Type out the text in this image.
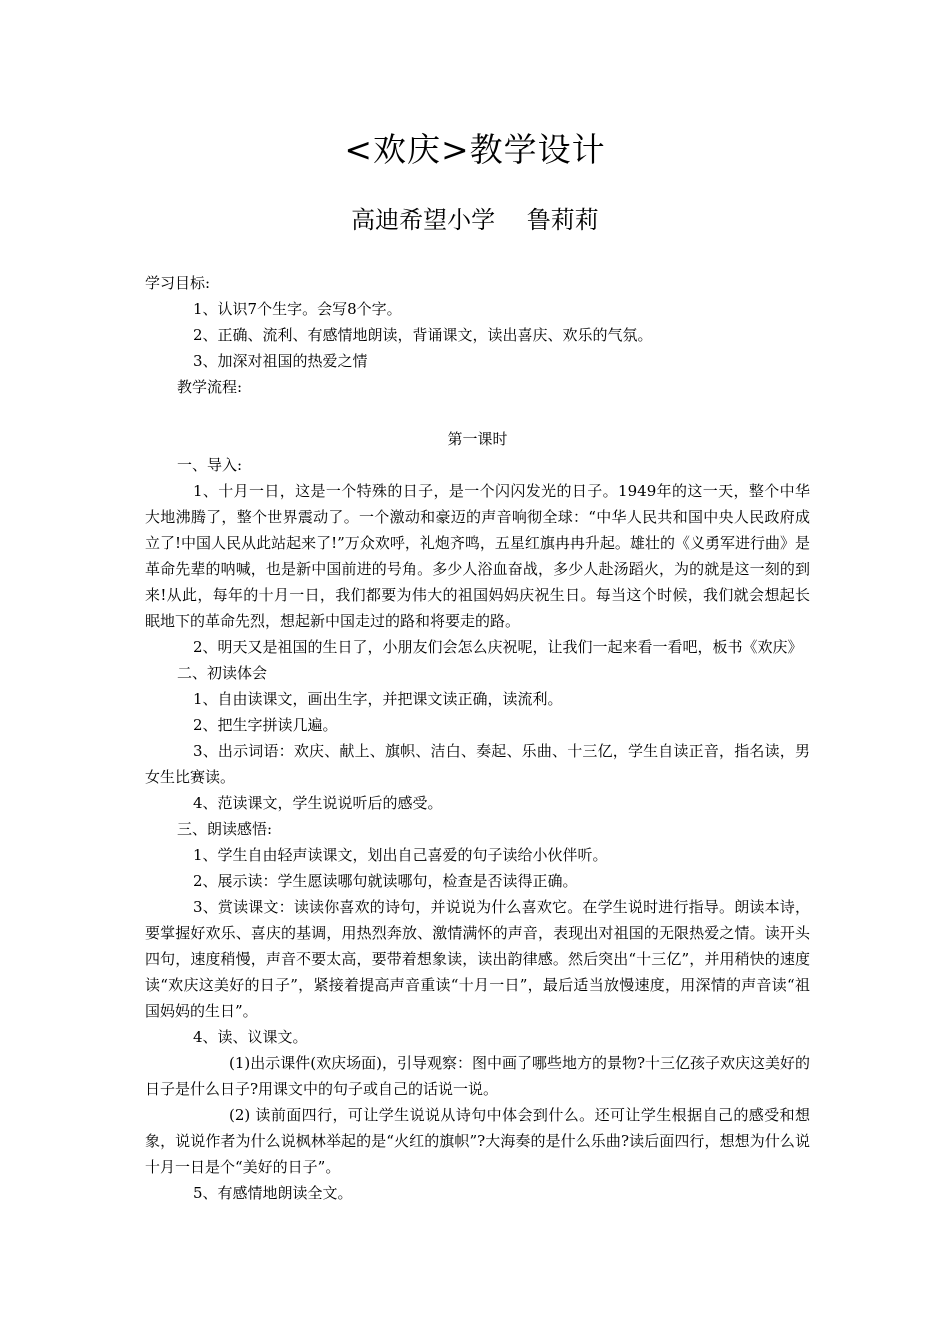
<欢庆>教学设计
高迪希望小学　 鲁莉莉

学习目标:

1、认识7个生字。会写8个字。

2、正确、流利、有感情地朗读，背诵课文，读出喜庆、欢乐的气氛。

3、加深对祖国的热爱之情

教学流程:

第一课时

一、导入:

1、十月一日，这是一个特殊的日子，是一个闪闪发光的日子。1949年的这一天，整个中华大地沸腾了，整个世界震动了。一个激动和豪迈的声音响彻全球：“中华人民共和国中央人民政府成立了!中国人民从此站起来了!”万众欢呼，礼炮齐鸣，五星红旗冉冉升起。雄壮的《义勇军进行曲》是革命先辈的呐喊，也是新中国前进的号角。多少人浴血奋战，多少人赴汤蹈火，为的就是这一刻的到来!从此，每年的十月一日，我们都要为伟大的祖国妈妈庆祝生日。每当这个时候，我们就会想起长眠地下的革命先烈，想起新中国走过的路和将要走的路。

2、明天又是祖国的生日了，小朋友们会怎么庆祝呢，让我们一起来看一看吧，板书《欢庆》

二、初读体会

1、自由读课文，画出生字，并把课文读正确，读流利。

2、把生字拼读几遍。

3、出示词语：欢庆、献上、旗帜、洁白、奏起、乐曲、十三亿，学生自读正音，指名读，男女生比赛读。

4、范读课文，学生说说听后的感受。

三、朗读感悟:

1、学生自由轻声读课文，划出自己喜爱的句子读给小伙伴听。

2、展示读：学生愿读哪句就读哪句，检查是否读得正确。

3、赏读课文：读读你喜欢的诗句，并说说为什么喜欢它。在学生说时进行指导。朗读本诗，要掌握好欢乐、喜庆的基调，用热烈奔放、激情满怀的声音，表现出对祖国的无限热爱之情。读开头四句，速度稍慢，声音不要太高，要带着想象读，读出韵律感。然后突出“十三亿”，并用稍快的速度读“欢庆这美好的日子”，紧接着提高声音重读“十月一日”，最后适当放慢速度，用深情的声音读“祖国妈妈的生日”。

4、读、议课文。

(1)出示课件(欢庆场面)，引导观察：图中画了哪些地方的景物?十三亿孩子欢庆这美好的日子是什么日子?用课文中的句子或自己的话说一说。

(2) 读前面四行，可让学生说说从诗句中体会到什么。还可让学生根据自己的感受和想象，说说作者为什么说枫林举起的是“火红的旗帜”?大海奏的是什么乐曲?读后面四行，想想为什么说十月一日是个“美好的日子”。

5、有感情地朗读全文。
